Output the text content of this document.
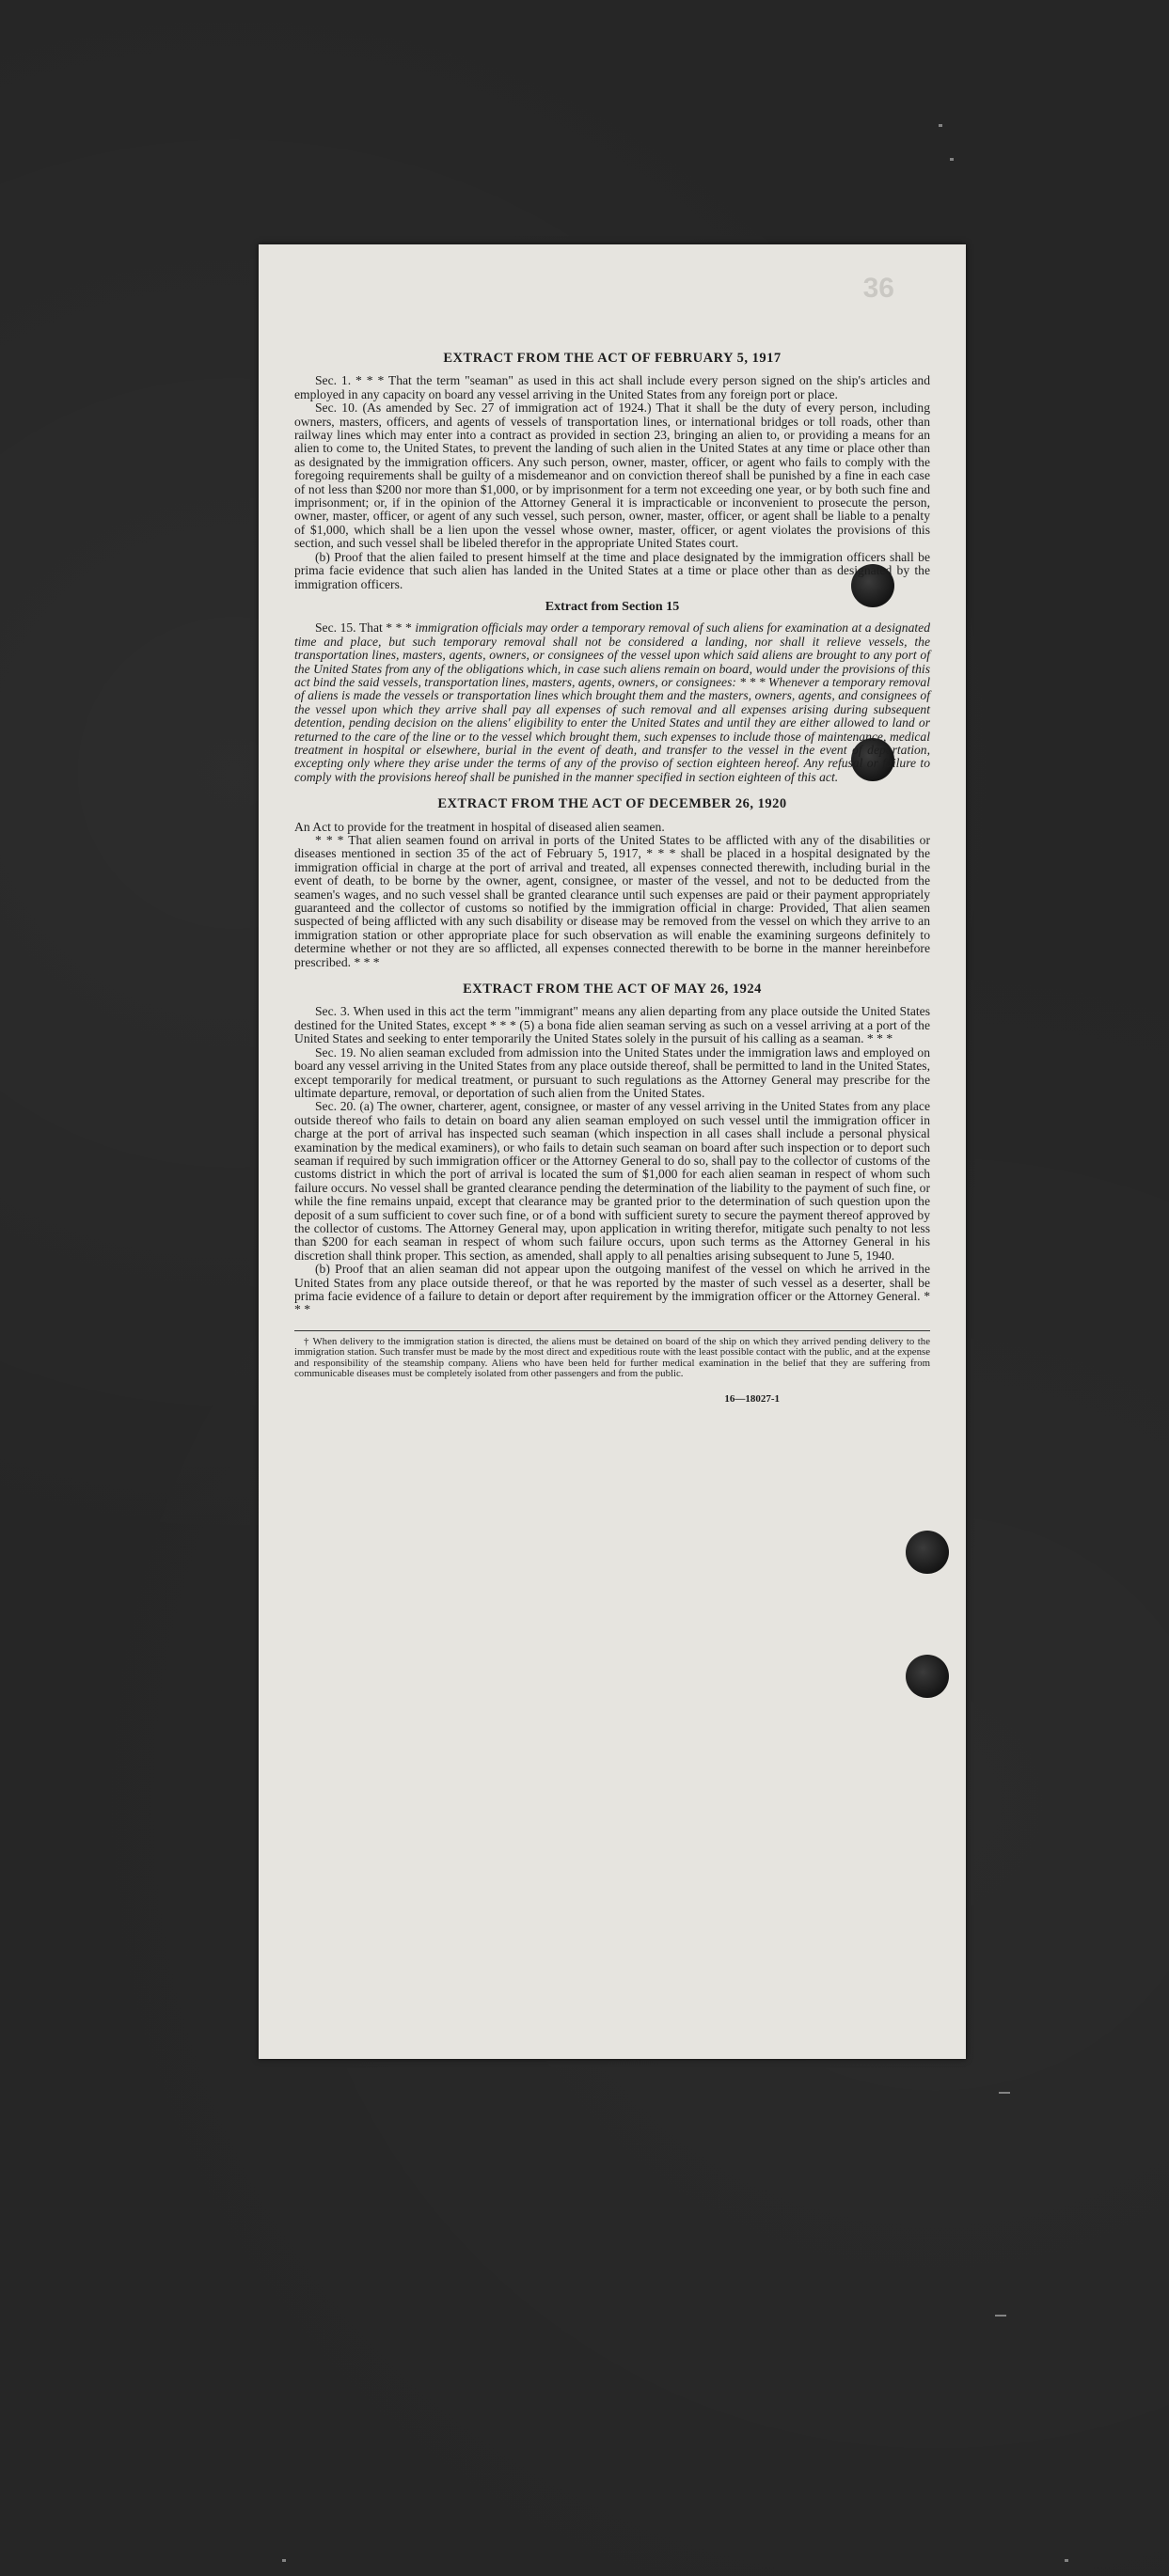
36
EXTRACT FROM THE ACT OF FEBRUARY 5, 1917

Sec. 1. * * * That the term "seaman" as used in this act shall include every person signed on the ship's articles and employed in any capacity on board any vessel arriving in the United States from any foreign port or place.

Sec. 10. (As amended by Sec. 27 of immigration act of 1924.) That it shall be the duty of every person, including owners, masters, officers, and agents of vessels of transportation lines, or international bridges or toll roads, other than railway lines which may enter into a contract as provided in section 23, bringing an alien to, or providing a means for an alien to come to, the United States, to prevent the landing of such alien in the United States at any time or place other than as designated by the immigration officers. Any such person, owner, master, officer, or agent who fails to comply with the foregoing requirements shall be guilty of a misdemeanor and on conviction thereof shall be punished by a fine in each case of not less than $200 nor more than $1,000, or by imprisonment for a term not exceeding one year, or by both such fine and imprisonment; or, if in the opinion of the Attorney General it is impracticable or inconvenient to prosecute the person, owner, master, officer, or agent of any such vessel, such person, owner, master, officer, or agent shall be liable to a penalty of $1,000, which shall be a lien upon the vessel whose owner, master, officer, or agent violates the provisions of this section, and such vessel shall be libeled therefor in the appropriate United States court.

(b) Proof that the alien failed to present himself at the time and place designated by the immigration officers shall be prima facie evidence that such alien has landed in the United States at a time or place other than as designated by the immigration officers.

Extract from Section 15

Sec. 15. That * * * immigration officials may order a temporary removal of such aliens for examination at a designated time and place, but such temporary removal shall not be considered a landing, nor shall it relieve vessels, the transportation lines, masters, agents, owners, or consignees of the vessel upon which said aliens are brought to any port of the United States from any of the obligations which, in case such aliens remain on board, would under the provisions of this act bind the said vessels, transportation lines, masters, agents, owners, or consignees: * * * Whenever a temporary removal of aliens is made the vessels or transportation lines which brought them and the masters, owners, agents, and consignees of the vessel upon which they arrive shall pay all expenses of such removal and all expenses arising during subsequent detention, pending decision on the aliens' eligibility to enter the United States and until they are either allowed to land or returned to the care of the line or to the vessel which brought them, such expenses to include those of maintenance, medical treatment in hospital or elsewhere, burial in the event of death, and transfer to the vessel in the event of deportation, excepting only where they arise under the terms of any of the proviso of section eighteen hereof. Any refusal or failure to comply with the provisions hereof shall be punished in the manner specified in section eighteen of this act.

EXTRACT FROM THE ACT OF DECEMBER 26, 1920

An Act to provide for the treatment in hospital of diseased alien seamen.

* * * That alien seamen found on arrival in ports of the United States to be afflicted with any of the disabilities or diseases mentioned in section 35 of the act of February 5, 1917, * * * shall be placed in a hospital designated by the immigration official in charge at the port of arrival and treated, all expenses connected therewith, including burial in the event of death, to be borne by the owner, agent, consignee, or master of the vessel, and not to be deducted from the seamen's wages, and no such vessel shall be granted clearance until such expenses are paid or their payment appropriately guaranteed and the collector of customs so notified by the immigration official in charge: Provided, That alien seamen suspected of being afflicted with any such disability or disease may be removed from the vessel on which they arrive to an immigration station or other appropriate place for such observation as will enable the examining surgeons definitely to determine whether or not they are so afflicted, all expenses connected therewith to be borne in the manner hereinbefore prescribed. * * *

EXTRACT FROM THE ACT OF MAY 26, 1924

Sec. 3. When used in this act the term "immigrant" means any alien departing from any place outside the United States destined for the United States, except * * * (5) a bona fide alien seaman serving as such on a vessel arriving at a port of the United States and seeking to enter temporarily the United States solely in the pursuit of his calling as a seaman. * * *

Sec. 19. No alien seaman excluded from admission into the United States under the immigration laws and employed on board any vessel arriving in the United States from any place outside thereof, shall be permitted to land in the United States, except temporarily for medical treatment, or pursuant to such regulations as the Attorney General may prescribe for the ultimate departure, removal, or deportation of such alien from the United States.

Sec. 20. (a) The owner, charterer, agent, consignee, or master of any vessel arriving in the United States from any place outside thereof who fails to detain on board any alien seaman employed on such vessel until the immigration officer in charge at the port of arrival has inspected such seaman (which inspection in all cases shall include a personal physical examination by the medical examiners), or who fails to detain such seaman on board after such inspection or to deport such seaman if required by such immigration officer or the Attorney General to do so, shall pay to the collector of customs of the customs district in which the port of arrival is located the sum of $1,000 for each alien seaman in respect of whom such failure occurs. No vessel shall be granted clearance pending the determination of the liability to the payment of such fine, or while the fine remains unpaid, except that clearance may be granted prior to the determination of such question upon the deposit of a sum sufficient to cover such fine, or of a bond with sufficient surety to secure the payment thereof approved by the collector of customs. The Attorney General may, upon application in writing therefor, mitigate such penalty to not less than $200 for each seaman in respect of whom such failure occurs, upon such terms as the Attorney General in his discretion shall think proper. This section, as amended, shall apply to all penalties arising subsequent to June 5, 1940.

(b) Proof that an alien seaman did not appear upon the outgoing manifest of the vessel on which he arrived in the United States from any place outside thereof, or that he was reported by the master of such vessel as a deserter, shall be prima facie evidence of a failure to detain or deport after requirement by the immigration officer or the Attorney General. * * *

† When delivery to the immigration station is directed, the aliens must be detained on board of the ship on which they arrived pending delivery to the immigration station. Such transfer must be made by the most direct and expeditious route with the least possible contact with the public, and at the expense and responsibility of the steamship company. Aliens who have been held for further medical examination in the belief that they are suffering from communicable diseases must be completely isolated from other passengers and from the public.

16—18027-1
